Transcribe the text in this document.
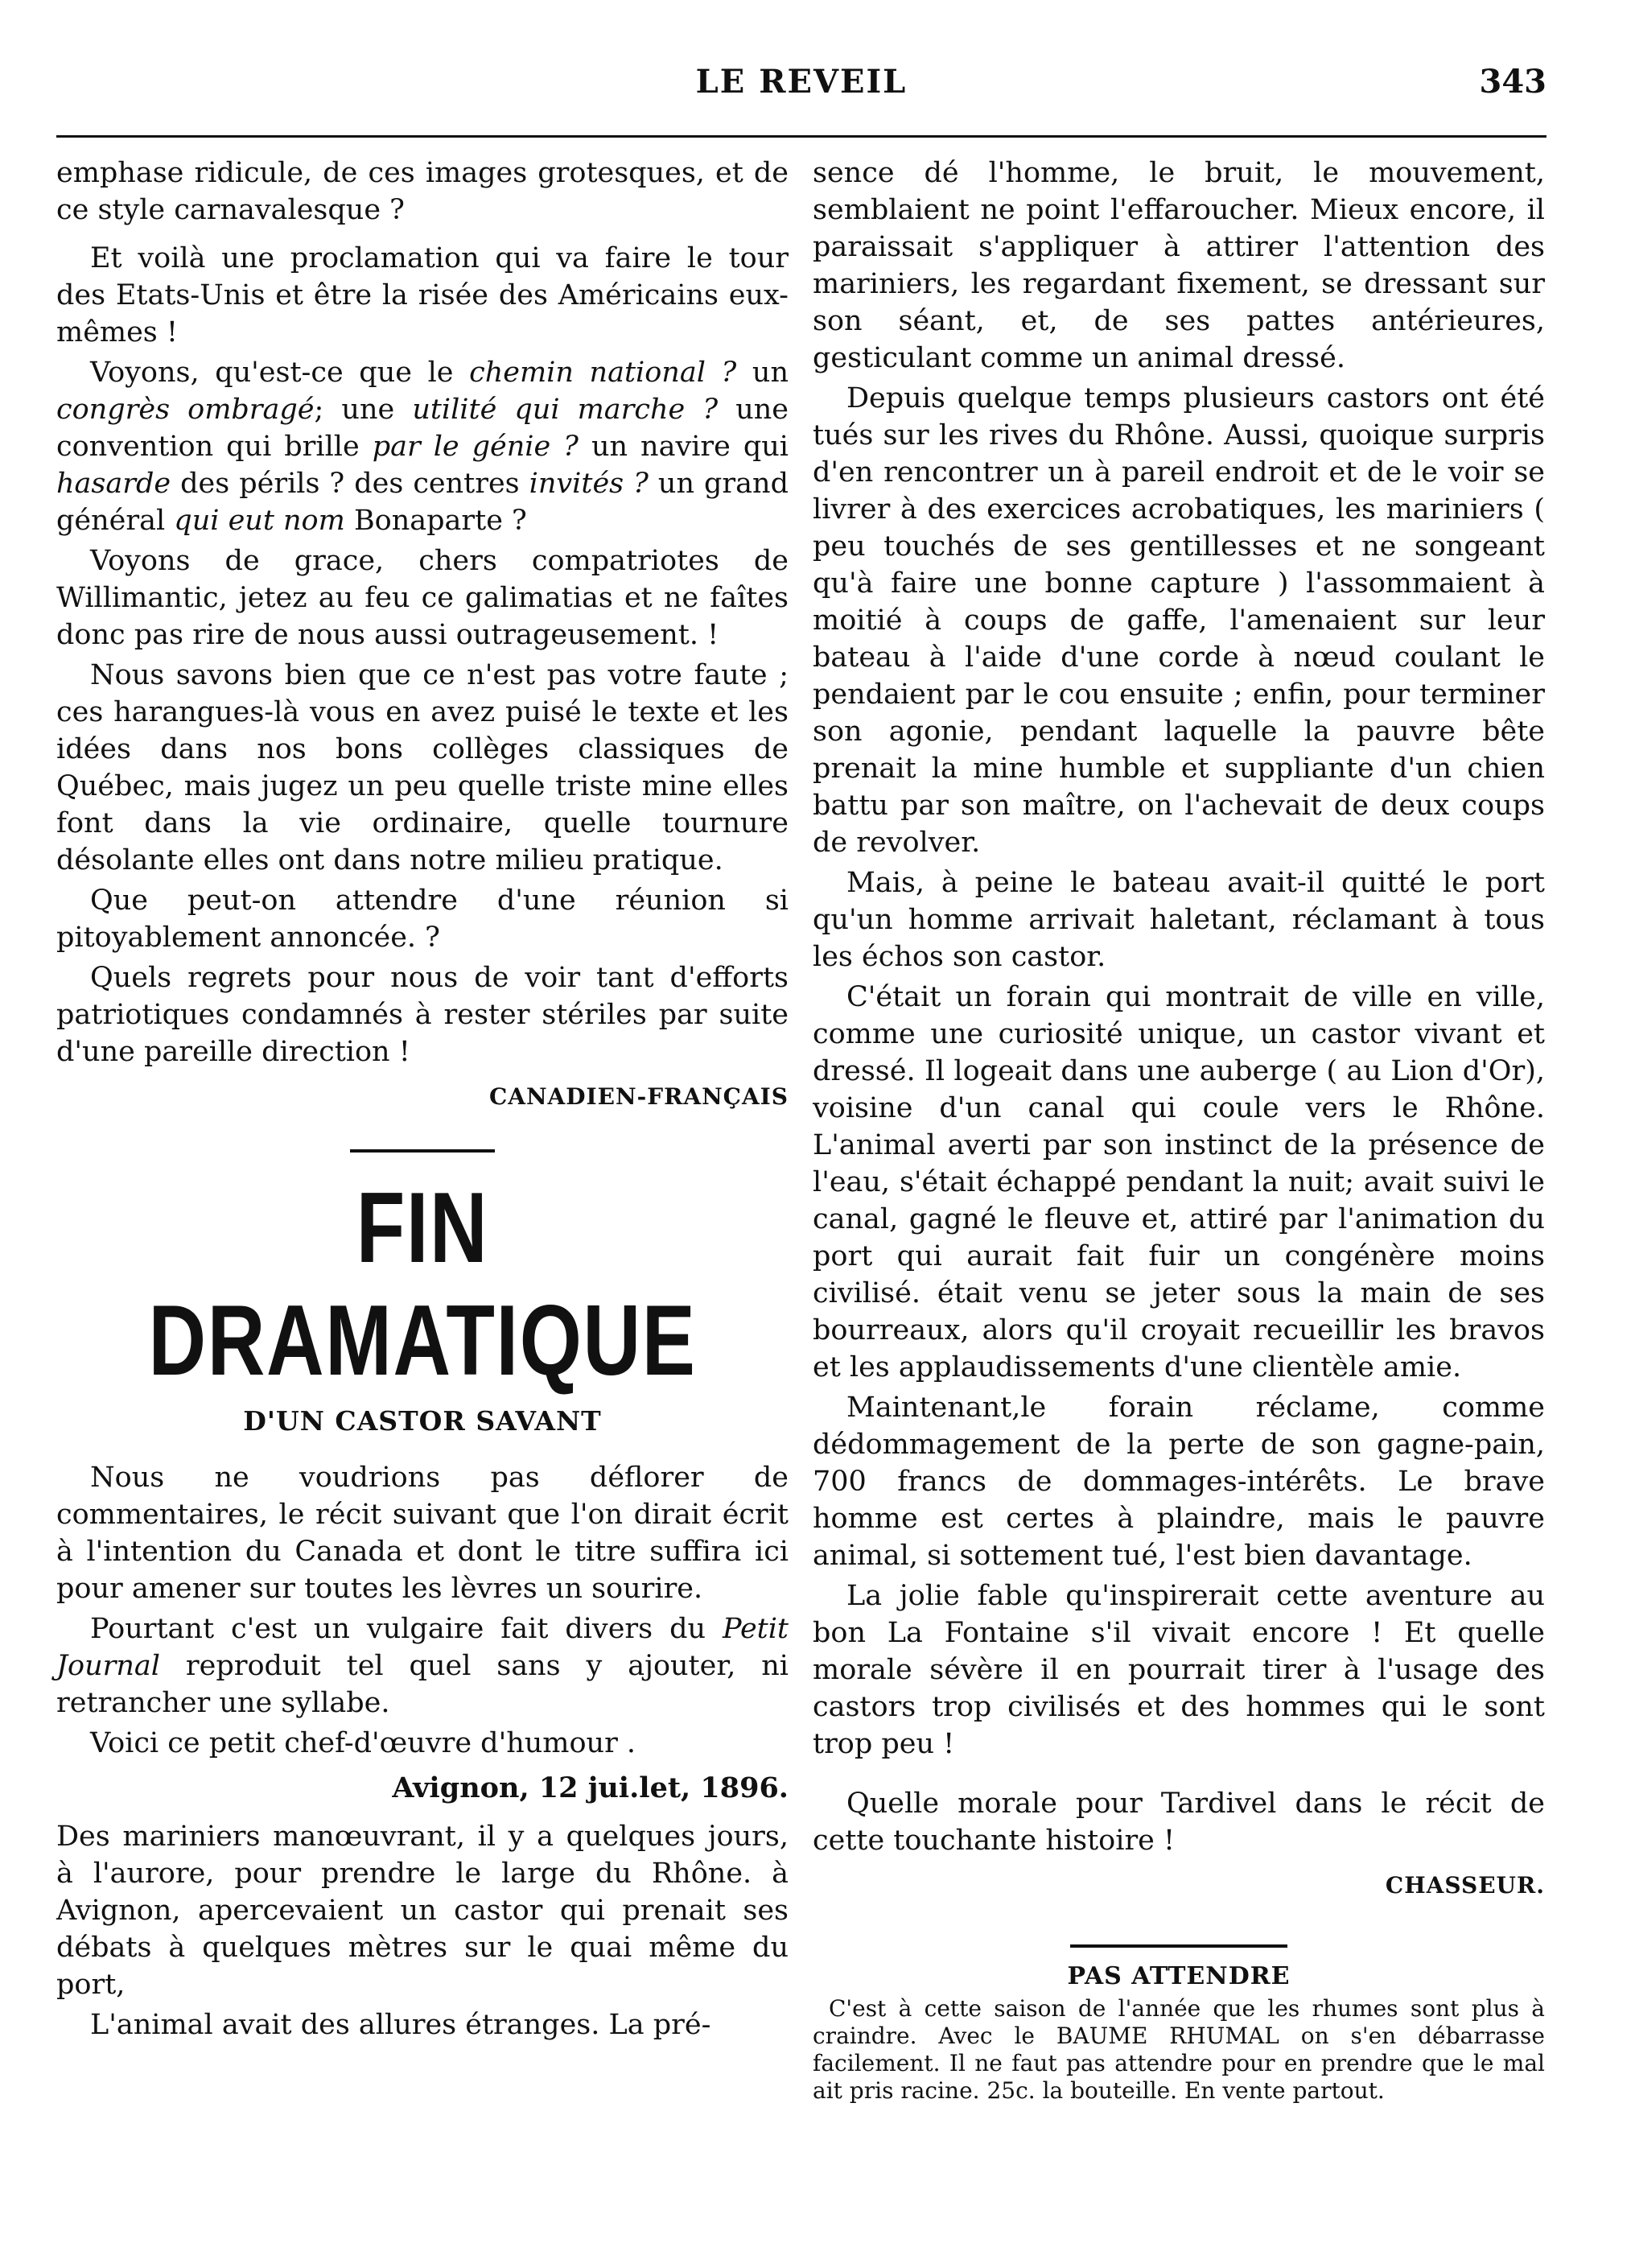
LE REVEIL	343

emphase ridicule, de ces images grotesques, et de ce style carnavalesque ?

Et voilà une proclamation qui va faire le tour des Etats-Unis et être la risée des Américains eux-mêmes !

Voyons, qu'est-ce que le chemin national ? un congrès ombragé; une utilité qui marche ? une convention qui brille par le génie ? un navire qui hasarde des périls ? des centres invités ? un grand général qui eut nom Bonaparte ?

Voyons de grace, chers compatriotes de Willimantic, jetez au feu ce galimatias et ne faîtes donc pas rire de nous aussi outrageusement. !

Nous savons bien que ce n'est pas votre faute ; ces harangues-là vous en avez puisé le texte et les idées dans nos bons collèges classiques de Québec, mais jugez un peu quelle triste mine elles font dans la vie ordinaire, quelle tournure désolante elles ont dans notre milieu pratique.

Que peut-on attendre d'une réunion si pitoyablement annoncée. ?

Quels regrets pour nous de voir tant d'efforts patriotiques condamnés à rester stériles par suite d'une pareille direction !

CANADIEN-FRANÇAIS

FIN DRAMATIQUE
D'UN CASTOR SAVANT

Nous ne voudrions pas déflorer de commentaires, le récit suivant que l'on dirait écrit à l'intention du Canada et dont le titre suffira ici pour amener sur toutes les lèvres un sourire.

Pourtant c'est un vulgaire fait divers du Petit Journal reproduit tel quel sans y ajouter, ni retrancher une syllabe.

Voici ce petit chef-d'œuvre d'humour .

Avignon, 12 jui.let, 1896.

Des mariniers manœuvrant, il y a quelques jours, à l'aurore, pour prendre le large du Rhône. à Avignon, apercevaient un castor qui prenait ses débats à quelques mètres sur le quai même du port,

L'animal avait des allures étranges. La pré-

sence dé l'homme, le bruit, le mouvement, semblaient ne point l'effaroucher. Mieux encore, il paraissait s'appliquer à attirer l'attention des mariniers, les regardant fixement, se dressant sur son séant, et, de ses pattes antérieures, gesticulant comme un animal dressé.

Depuis quelque temps plusieurs castors ont été tués sur les rives du Rhône. Aussi, quoique surpris d'en rencontrer un à pareil endroit et de le voir se livrer à des exercices acrobatiques, les mariniers ( peu touchés de ses gentillesses et ne songeant qu'à faire une bonne capture ) l'assommaient à moitié à coups de gaffe, l'amenaient sur leur bateau à l'aide d'une corde à nœud coulant le pendaient par le cou ensuite ; enfin, pour terminer son agonie, pendant laquelle la pauvre bête prenait la mine humble et suppliante d'un chien battu par son maître, on l'achevait de deux coups de revolver.

Mais, à peine le bateau avait-il quitté le port qu'un homme arrivait haletant, réclamant à tous les échos son castor.

C'était un forain qui montrait de ville en ville, comme une curiosité unique, un castor vivant et dressé. Il logeait dans une auberge ( au Lion d'Or), voisine d'un canal qui coule vers le Rhône. L'animal averti par son instinct de la présence de l'eau, s'était échappé pendant la nuit; avait suivi le canal, gagné le fleuve et, attiré par l'animation du port qui aurait fait fuir un congénère moins civilisé. était venu se jeter sous la main de ses bourreaux, alors qu'il croyait recueillir les bravos et les applaudissements d'une clientèle amie.

Maintenant,le forain réclame, comme dédommagement de la perte de son gagne-pain, 700 francs de dommages-intérêts. Le brave homme est certes à plaindre, mais le pauvre animal, si sottement tué, l'est bien davantage.

La jolie fable qu'inspirerait cette aventure au bon La Fontaine s'il vivait encore ! Et quelle morale sévère il en pourrait tirer à l'usage des castors trop civilisés et des hommes qui le sont trop peu !

Quelle morale pour Tardivel dans le récit de cette touchante histoire !

CHASSEUR.

PAS ATTENDRE

C'est à cette saison de l'année que les rhumes sont plus à craindre. Avec le BAUME RHUMAL on s'en débarrasse facilement. Il ne faut pas attendre pour en prendre que le mal ait pris racine. 25c. la bouteille. En vente partout.
